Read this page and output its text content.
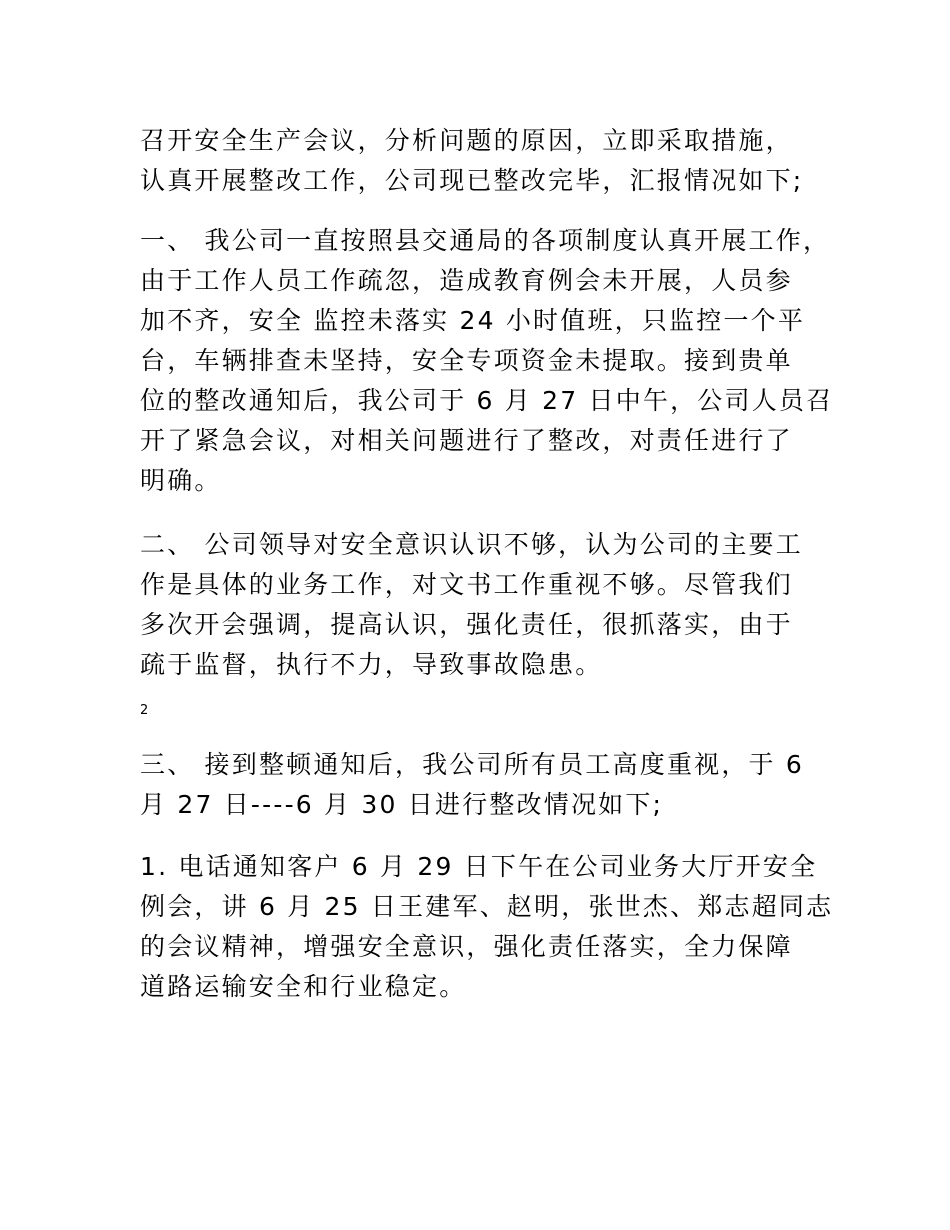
召开安全生产会议，分析问题的原因，立即采取措施，
认真开展整改工作，公司现已整改完毕，汇报情况如下;
一、 我公司一直按照县交通局的各项制度认真开展工作，
由于工作人员工作疏忽，造成教育例会未开展，人员参
加不齐，安全 监控未落实 24 小时值班，只监控一个平
台，车辆排查未坚持，安全专项资金未提取。接到贵单
位的整改通知后，我公司于 6 月 27 日中午，公司人员召
开了紧急会议，对相关问题进行了整改，对责任进行了
明确。
二、 公司领导对安全意识认识不够，认为公司的主要工
作是具体的业务工作，对文书工作重视不够。尽管我们
多次开会强调，提高认识，强化责任，很抓落实，由于
疏于监督，执行不力，导致事故隐患。
2
三、 接到整顿通知后，我公司所有员工高度重视，于 6
月 27 日----6 月 30 日进行整改情况如下;
1. 电话通知客户 6 月 29 日下午在公司业务大厅开安全
例会，讲 6 月 25 日王建军、赵明，张世杰、郑志超同志
的会议精神，增强安全意识，强化责任落实，全力保障
道路运输安全和行业稳定。
